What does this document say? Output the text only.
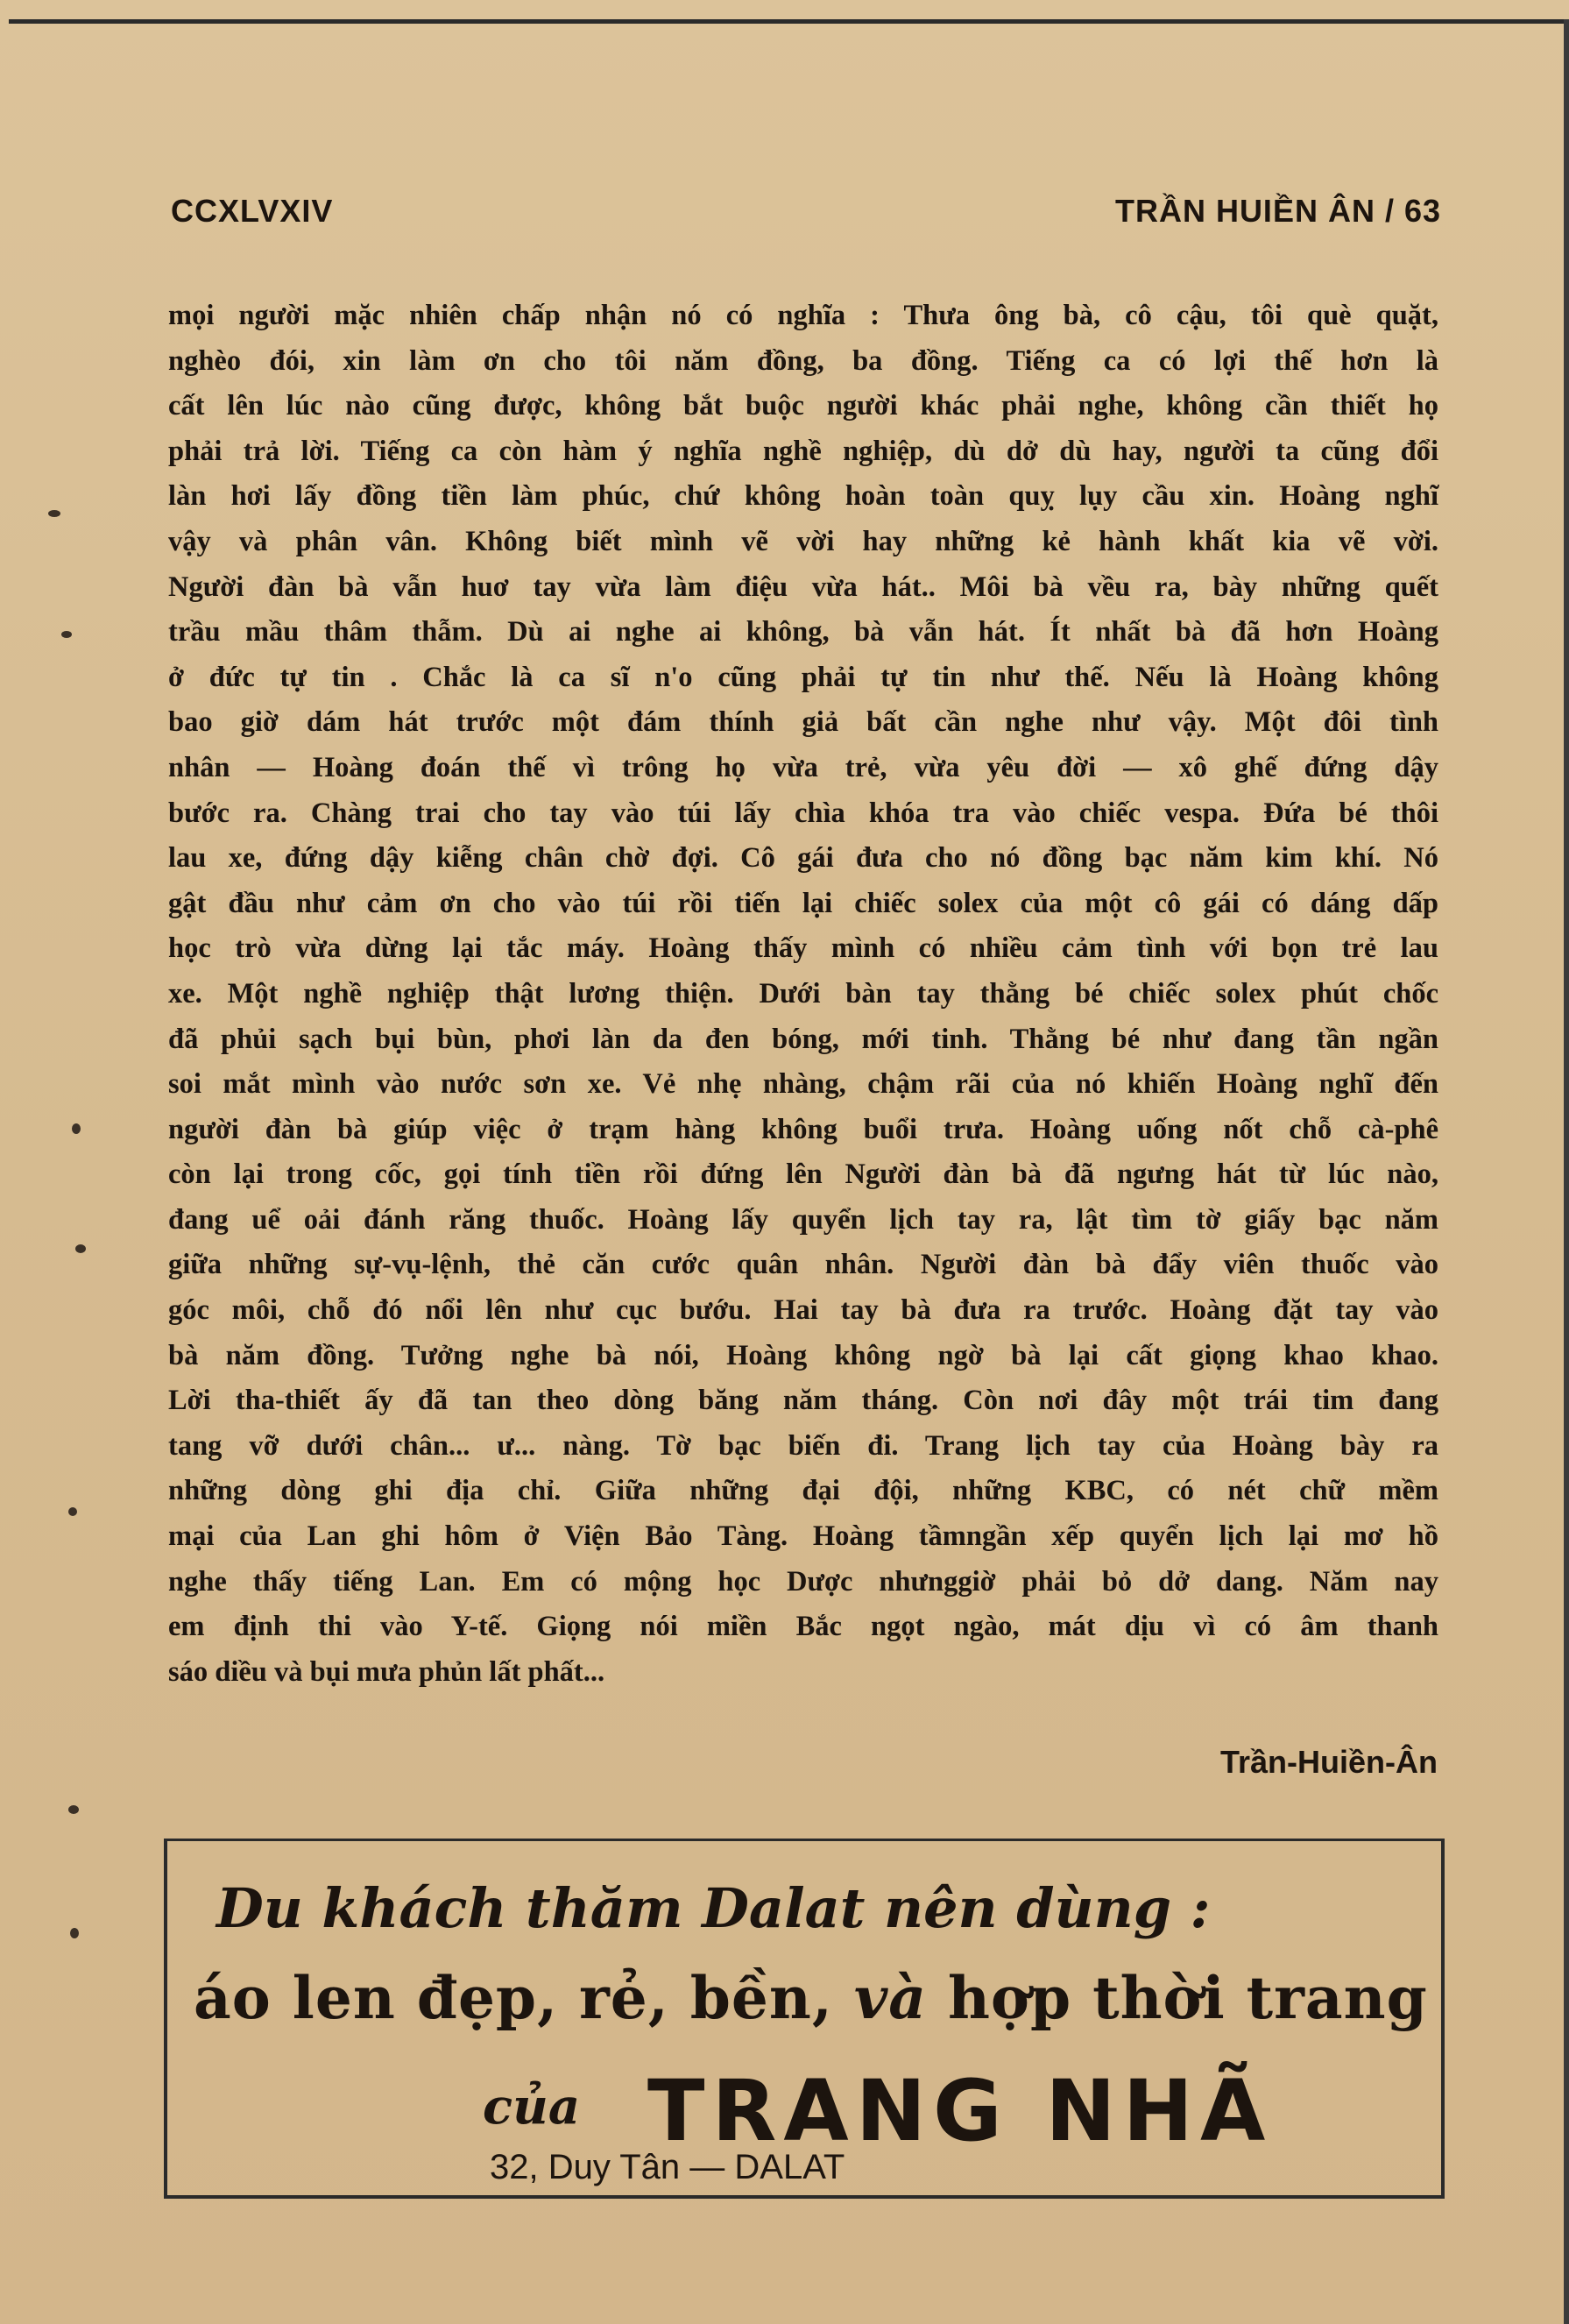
CCXLVXIV	TRẦN HUIỀN ÂN / 63
mọi người mặc nhiên chấp nhận nó có nghĩa : Thưa ông bà, cô cậu, tôi què quặt,
nghèo đói, xin làm ơn cho tôi năm đồng, ba đồng. Tiếng ca có lợi thế hơn là
cất lên lúc nào cũng được, không bắt buộc người khác phải nghe, không cần thiết họ
phải trả lời. Tiếng ca còn hàm ý nghĩa nghề nghiệp, dù dở dù hay, người ta cũng đổi
làn hơi lấy đồng tiền làm phúc, chứ không hoàn toàn quỵ lụy cầu xin. Hoàng nghĩ
vậy và phân vân. Không biết mình vẽ vời hay những kẻ hành khất kia vẽ vời.
Người đàn bà vẫn huơ tay vừa làm điệu vừa hát.. Môi bà vều ra, bày những quết
trầu mầu thâm thẫm. Dù ai nghe ai không, bà vẫn hát. Ít nhất bà đã hơn Hoàng
ở đức tự tin . Chắc là ca sĩ n'o cũng phải tự tin như thế. Nếu là Hoàng không
bao giờ dám hát trước một đám thính giả bất cần nghe như vậy. Một đôi tình
nhân — Hoàng đoán thế vì trông họ vừa trẻ, vừa yêu đời — xô ghế đứng dậy
bước ra. Chàng trai cho tay vào túi lấy chìa khóa tra vào chiếc vespa. Đứa bé thôi
lau xe, đứng dậy kiễng chân chờ đợi. Cô gái đưa cho nó đồng bạc năm kim khí. Nó
gật đầu như cảm ơn cho vào túi rồi tiến lại chiếc solex của một cô gái có dáng dấp
học trò vừa dừng lại tắc máy. Hoàng thấy mình có nhiều cảm tình với bọn trẻ lau
xe. Một nghề nghiệp thật lương thiện. Dưới bàn tay thằng bé chiếc solex phút chốc
đã phủi sạch bụi bùn, phơi làn da đen bóng, mới tinh. Thằng bé như đang tần ngần
soi mắt mình vào nước sơn xe. Vẻ nhẹ nhàng, chậm rãi của nó khiến Hoàng nghĩ đến
người đàn bà giúp việc ở trạm hàng không buổi trưa. Hoàng uống nốt chỗ cà-phê
còn lại trong cốc, gọi tính tiền rồi đứng lên Người đàn bà đã ngưng hát từ lúc nào,
đang uể oải đánh răng thuốc. Hoàng lấy quyển lịch tay ra, lật tìm tờ giấy bạc năm
giữa những sự-vụ-lệnh, thẻ căn cước quân nhân. Người đàn bà đẩy viên thuốc vào
góc môi, chỗ đó nổi lên như cục bướu. Hai tay bà đưa ra trước. Hoàng đặt tay vào
bà năm đồng. Tưởng nghe bà nói, Hoàng không ngờ bà lại cất giọng khao khao.
Lời tha-thiết ấy đã tan theo dòng băng năm tháng. Còn nơi đây một trái tim đang
tang vỡ dưới chân... ư... nàng. Tờ bạc biến đi. Trang lịch tay của Hoàng bày ra
những dòng ghi địa chỉ. Giữa những đại đội, những KBC, có nét chữ mềm
mại của Lan ghi hôm ở Viện Bảo Tàng. Hoàng tầmngần xếp quyển lịch lại mơ hồ
nghe thấy tiếng Lan. Em có mộng học Dược nhưnggiờ phải bỏ dở dang. Năm nay
em định thi vào Y-tế. Giọng nói miền Bắc ngọt ngào, mát dịu vì có âm thanh
sáo diều và bụi mưa phủn lất phất...
Trần-Huiền-Ân
Du khách thăm Dalat nên dùng :
áo len đẹp, rẻ, bền, và hợp thời trang
của TRANG NHÃ
32, Duy Tân — DALAT
